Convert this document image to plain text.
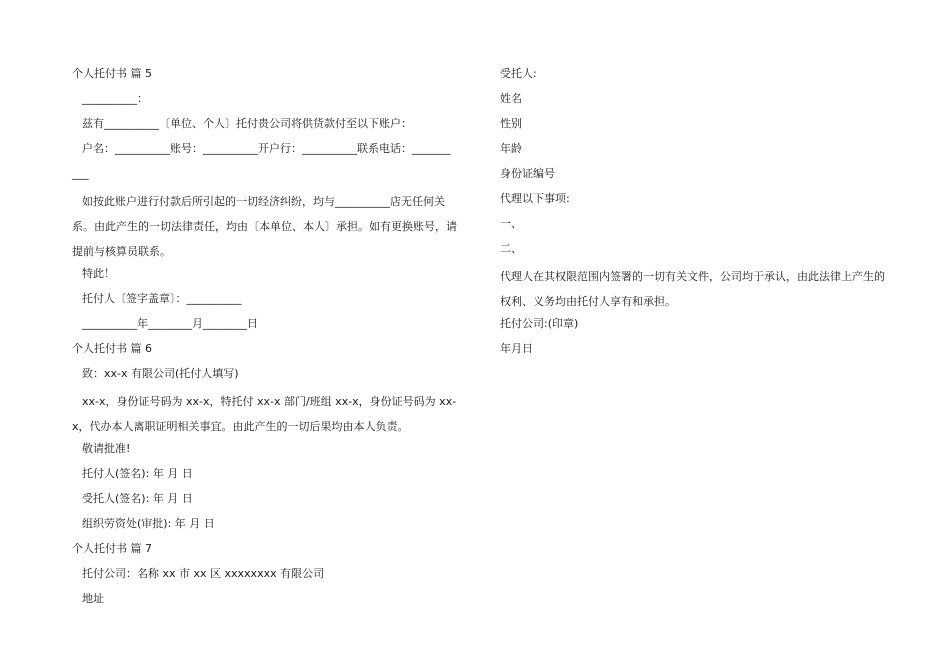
个人托付书 篇 5
__________：
兹有__________〔单位、个人〕托付贵公司将供货款付至以下账户：
户名：__________账号：__________开户行：__________联系电话：_______
___

如按此账户进行付款后所引起的一切经济纠纷，均与__________店无任何关系。由此产生的一切法律责任，均由〔本单位、本人〕承担。如有更换账号，请提前与核算员联系。

特此！
托付人〔签字盖章〕：__________
__________年________月________日
个人托付书 篇 6
致：xx-x 有限公司(托付人填写)

xx-x，身份证号码为 xx-x，特托付 xx-x 部门/班组 xx-x，身份证号码为 xx-x，代办本人离职证明相关事宜。由此产生的一切后果均由本人负责。

敬请批准!
托付人(签名): 年 月 日
受托人(签名): 年 月 日
组织劳资处(审批): 年 月 日
个人托付书 篇 7
托付公司：名称 xx 市 xx 区 xxxxxxxx 有限公司
地址
受托人:
姓名
性别
年龄
身份证编号
代理以下事项:
一、
二、

代理人在其权限范围内签署的一切有关文件，公司均于承认，由此法律上产生的权利、义务均由托付人享有和承担。

托付公司:(印章)
年月日
